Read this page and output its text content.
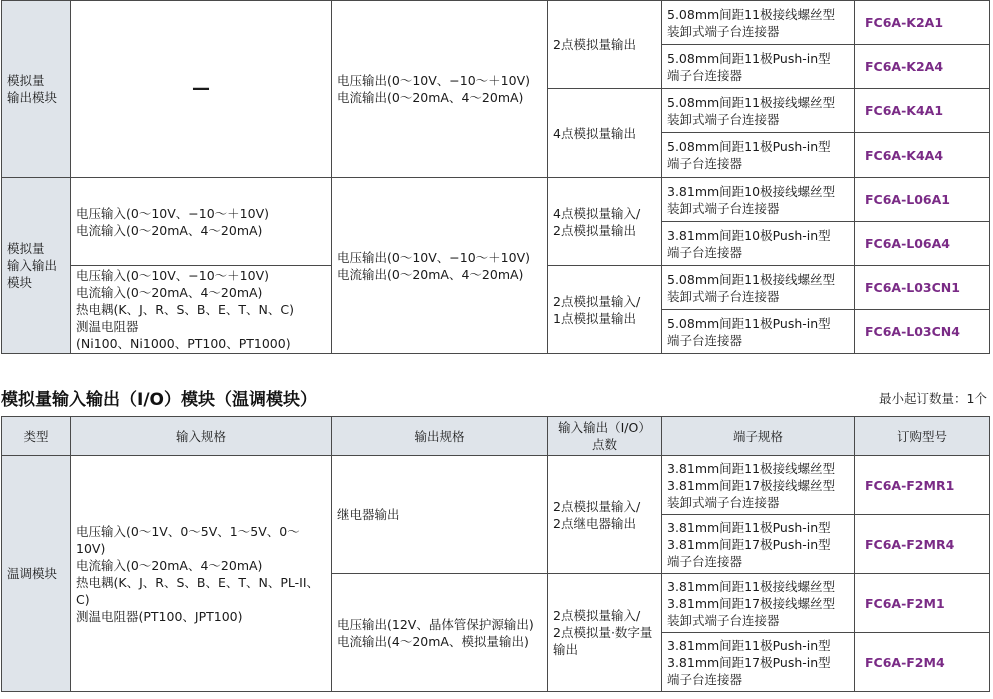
模拟量
输出模块	—	电压输出(0～10V、−10～＋10V)
电流输出(0～20mA、4～20mA)	2点模拟量输出	5.08mm间距11极接线螺丝型
装卸式端子台连接器	FC6A-K2A1
				5.08mm间距11极Push-in型
端子台连接器	FC6A-K2A4
			4点模拟量输出	5.08mm间距11极接线螺丝型
装卸式端子台连接器	FC6A-K4A1
				5.08mm间距11极Push-in型
端子台连接器	FC6A-K4A4
模拟量
输入输出
模块	电压输入(0～10V、−10～＋10V)
电流输入(0～20mA、4～20mA)	电压输出(0～10V、−10～＋10V)
电流输出(0～20mA、4～20mA)	4点模拟量输入/
2点模拟量输出	3.81mm间距10极接线螺丝型
装卸式端子台连接器	FC6A-L06A1
				3.81mm间距10极Push-in型
端子台连接器	FC6A-L06A4
	电压输入(0～10V、−10～＋10V)
电流输入(0～20mA、4～20mA)
热电耦(K、J、R、S、B、E、T、N、C)
测温电阻器
(Ni100、Ni1000、PT100、PT1000)		2点模拟量输入/
1点模拟量输出	5.08mm间距11极接线螺丝型
装卸式端子台连接器	FC6A-L03CN1
				5.08mm间距11极Push-in型
端子台连接器	FC6A-L03CN4
模拟量输入输出（I/O）模块（温调模块）	最小起订数量：1个
类型	输入规格	输出规格	输入输出（I/O）
点数	端子规格	订购型号
温调模块	电压输入(0～1V、0～5V、1～5V、0～10V)
电流输入(0～20mA、4～20mA)
热电耦(K、J、R、S、B、E、T、N、PL-II、C)
测温电阻器(PT100、JPT100)	继电器输出	2点模拟量输入/
2点继电器输出	3.81mm间距11极接线螺丝型
3.81mm间距17极接线螺丝型
装卸式端子台连接器	FC6A-F2MR1
				3.81mm间距11极Push-in型
3.81mm间距17极Push-in型
端子台连接器	FC6A-F2MR4
		电压输出(12V、晶体管保护源输出)
电流输出(4～20mA、模拟量输出)	2点模拟量输入/
2点模拟量·数字量输出	3.81mm间距11极接线螺丝型
3.81mm间距17极接线螺丝型
装卸式端子台连接器	FC6A-F2M1
				3.81mm间距11极Push-in型
3.81mm间距17极Push-in型
端子台连接器	FC6A-F2M4
